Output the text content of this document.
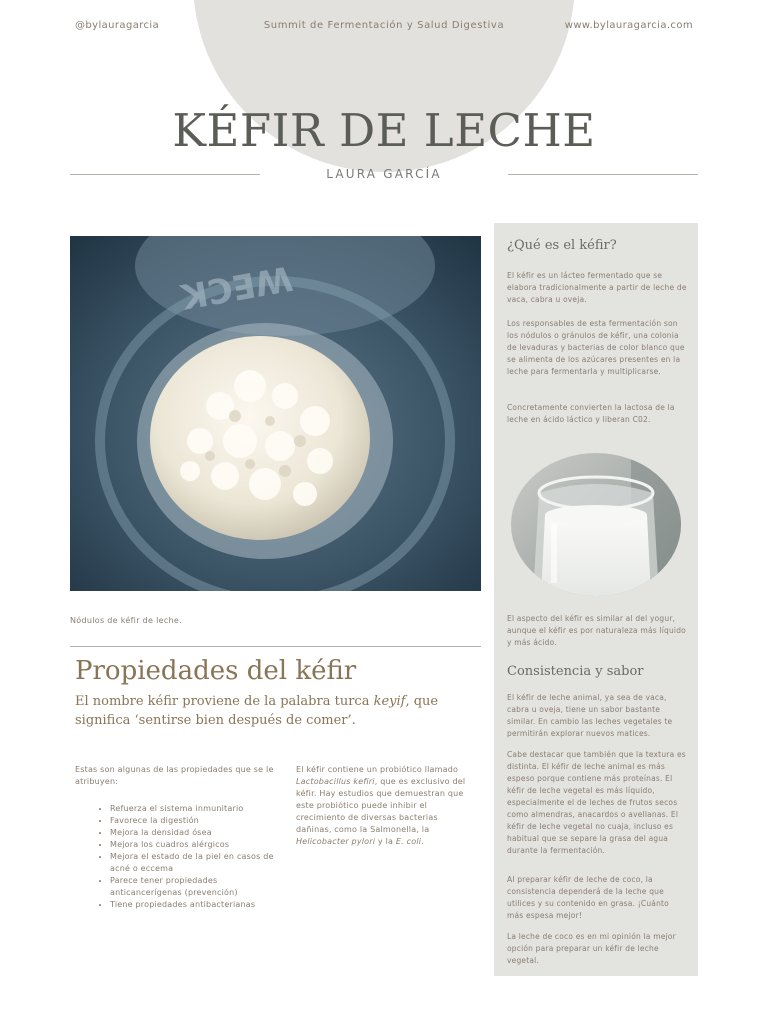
@bylauragarcia	Summit de Fermentación y Salud Digestiva	www.bylauragarcia.com
KÉFIR DE LECHE
LAURA GARCÍA
WECK
Nódulos de kéfir de leche.
Propiedades del kéfir
El nombre kéfir proviene de la palabra turca keyif, que significa ‘sentirse bien después de comer’.

Estas son algunas de las propiedades que se le atribuyen:

• Refuerza el sistema inmunitario
• Favorece la digestión
• Mejora la densidad ósea
• Mejora los cuadros alérgicos
• Mejora el estado de la piel en casos de acné o eccema
• Parece tener propiedades anticancerígenas (prevención)
• Tiene propiedades antibacterianas

El kéfir contiene un probiótico llamado Lactobacillus kefiri, que es exclusivo del kéfir. Hay estudios que demuestran que este probiótico puede inhibir el crecimiento de diversas bacterias dañinas, como la Salmonella, la Helicobacter pylori y la E. coli.

¿Qué es el kéfir?

El kéfir es un lácteo fermentado que se elabora tradicionalmente a partir de leche de vaca, cabra u oveja.

Los responsables de esta fermentación son los nódulos o gránulos de kéfir, una colonia de levaduras y bacterias de color blanco que se alimenta de los azúcares presentes en la leche para fermentarla y multiplicarse.

Concretamente convierten la lactosa de la leche en ácido láctico y liberan C02.

El aspecto del kéfir es similar al del yogur, aunque el kéfir es por naturaleza más líquido y más ácido.

Consistencia y sabor

El kéfir de leche animal, ya sea de vaca, cabra u oveja, tiene un sabor bastante similar. En cambio las leches vegetales te permitirán explorar nuevos matices.

Cabe destacar que también que la textura es distinta. El kéfir de leche animal es más espeso porque contiene más proteínas. El kéfir de leche vegetal es más líquido, especialmente el de leches de frutos secos como almendras, anacardos o avellanas. El kéfir de leche vegetal no cuaja, incluso es habitual que se separe la grasa del agua durante la fermentación.

Al preparar kéfir de leche de coco, la consistencia dependerá de la leche que utilices y su contenido en grasa. ¡Cuánto más espesa mejor!

La leche de coco es en mi opinión la mejor opción para preparar un kéfir de leche vegetal.
